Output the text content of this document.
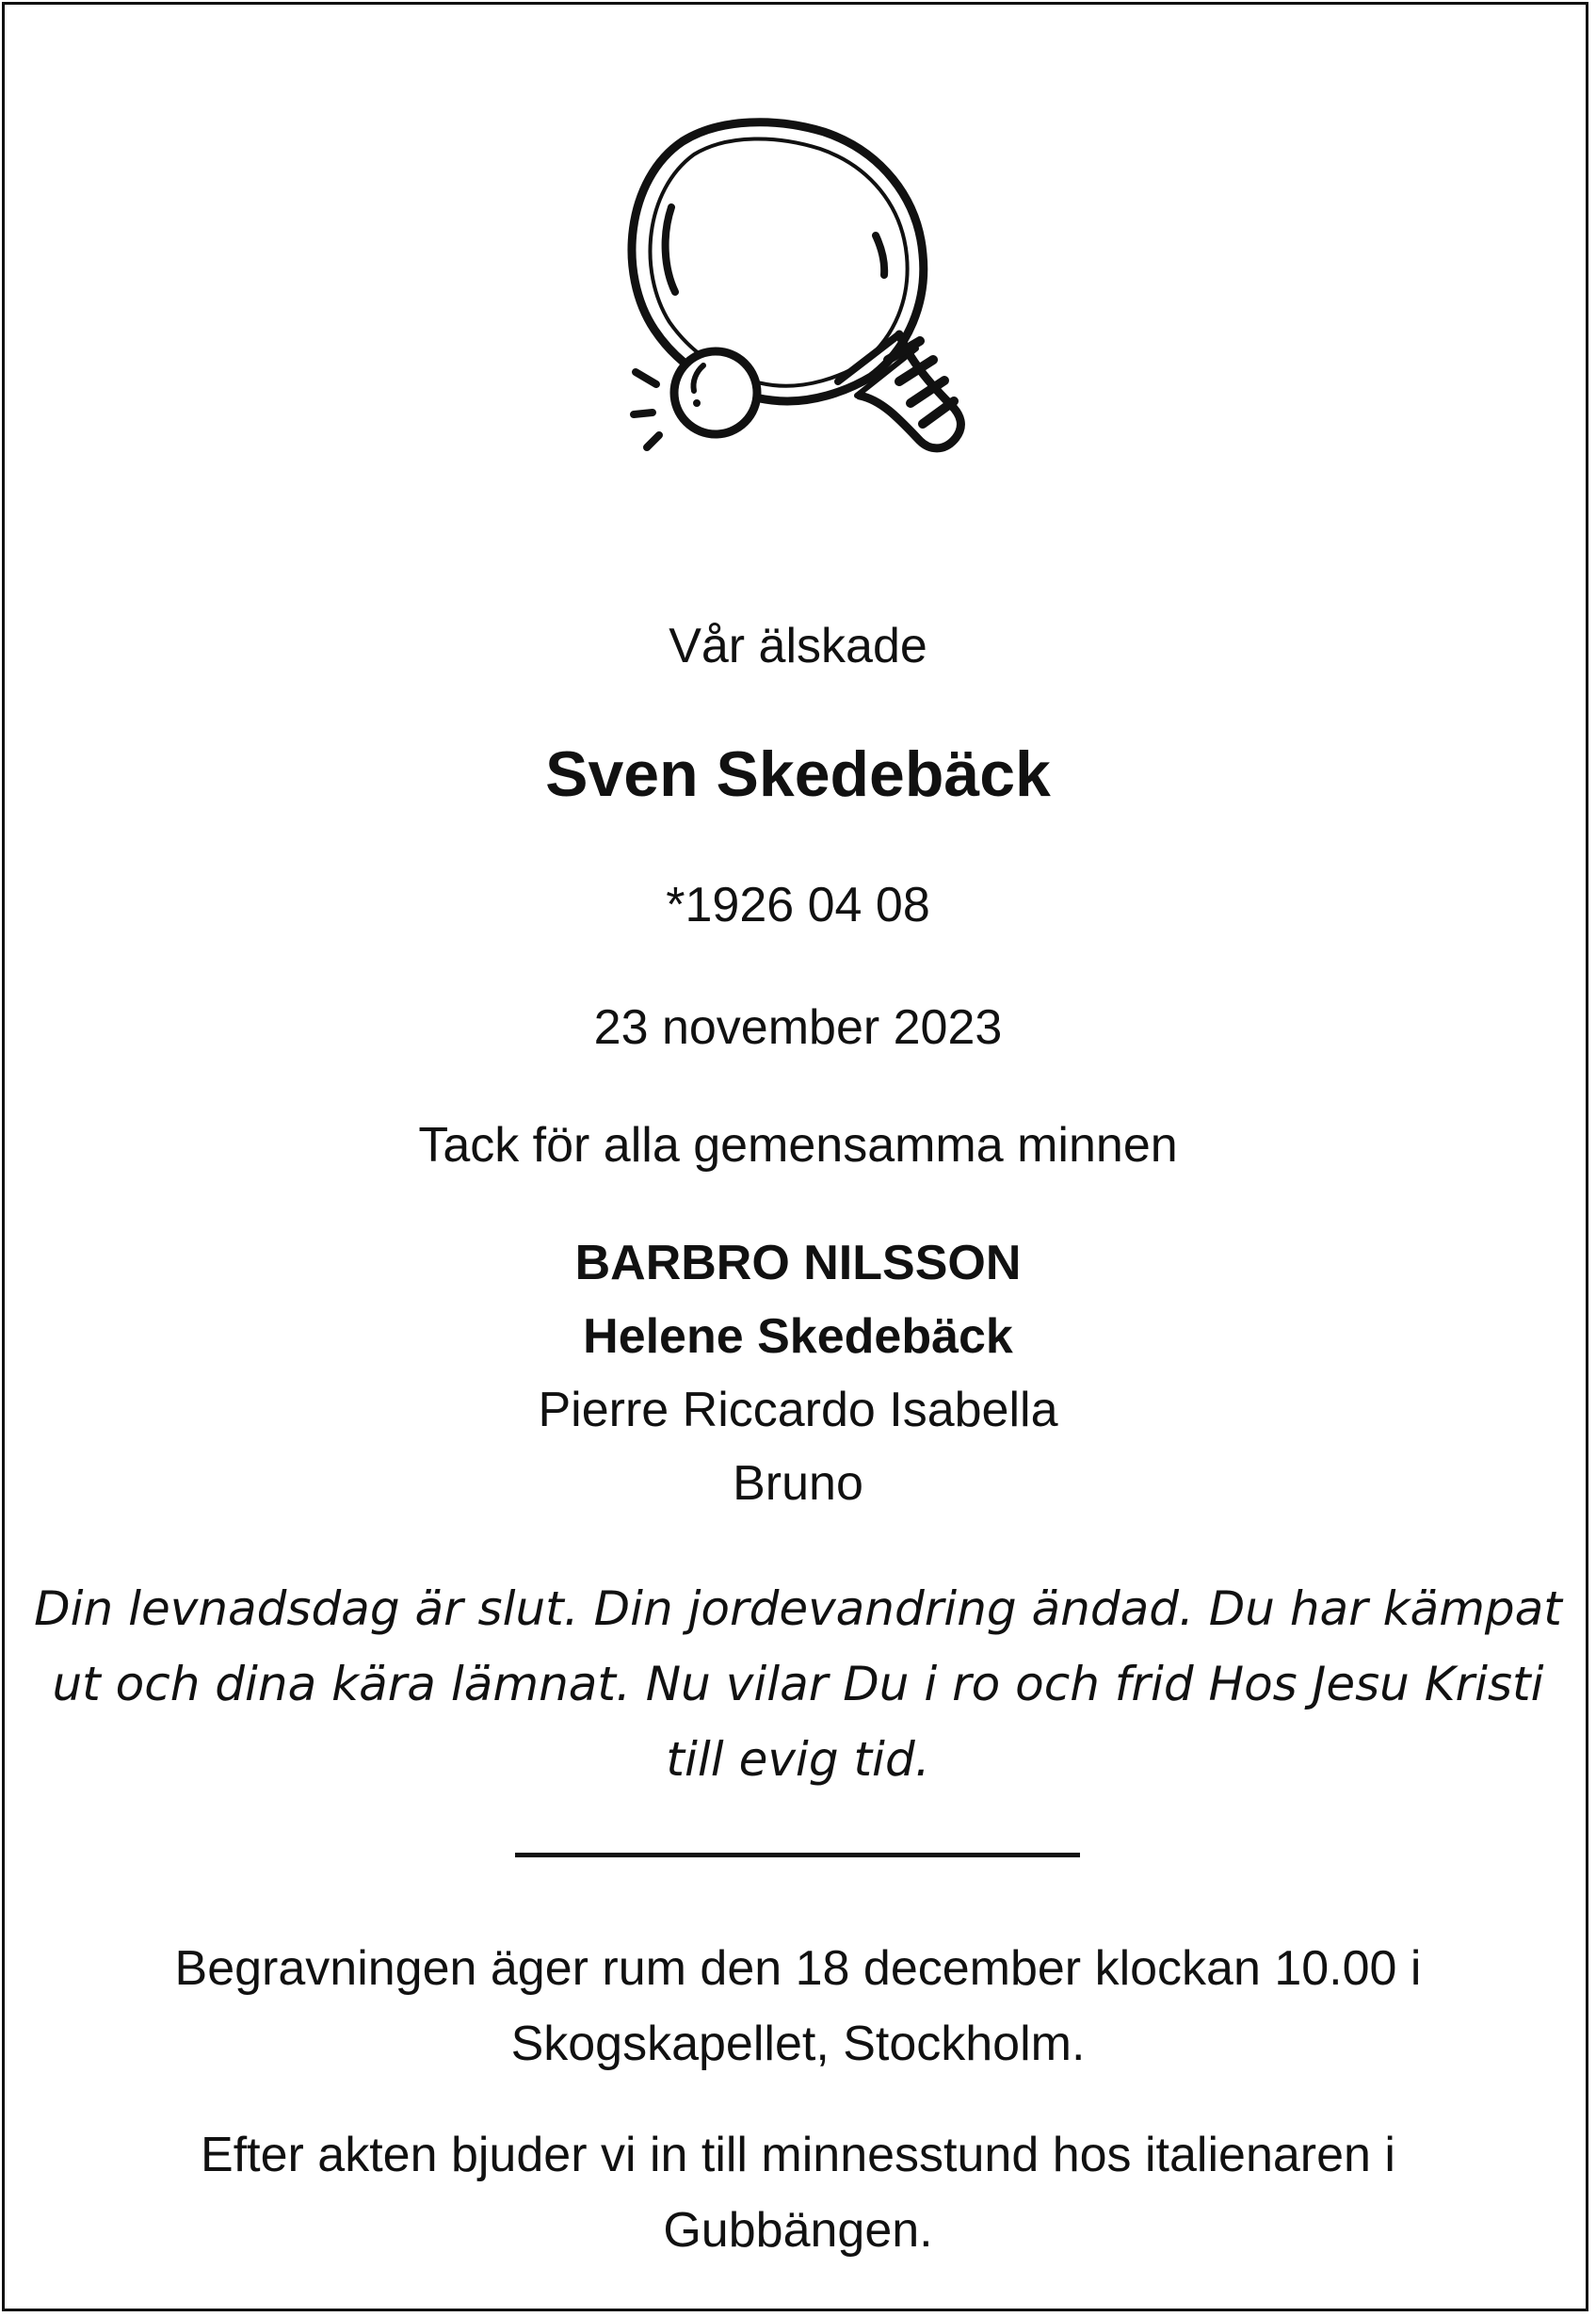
Vår älskade
Sven Skedebäck
*1926 04 08
23 november 2023
Tack för alla gemensamma minnen
BARBRO NILSSON
Helene Skedebäck
Pierre Riccardo Isabella
Bruno
Din levnadsdag är slut. Din jordevandring ändad. Du har kämpat ut och dina kära lämnat. Nu vilar Du i ro och frid Hos Jesu Kristi till evig tid.
Begravningen äger rum den 18 december klockan 10.00 i Skogskapellet, Stockholm.
Efter akten bjuder vi in till minnesstund hos italienaren i Gubbängen.
